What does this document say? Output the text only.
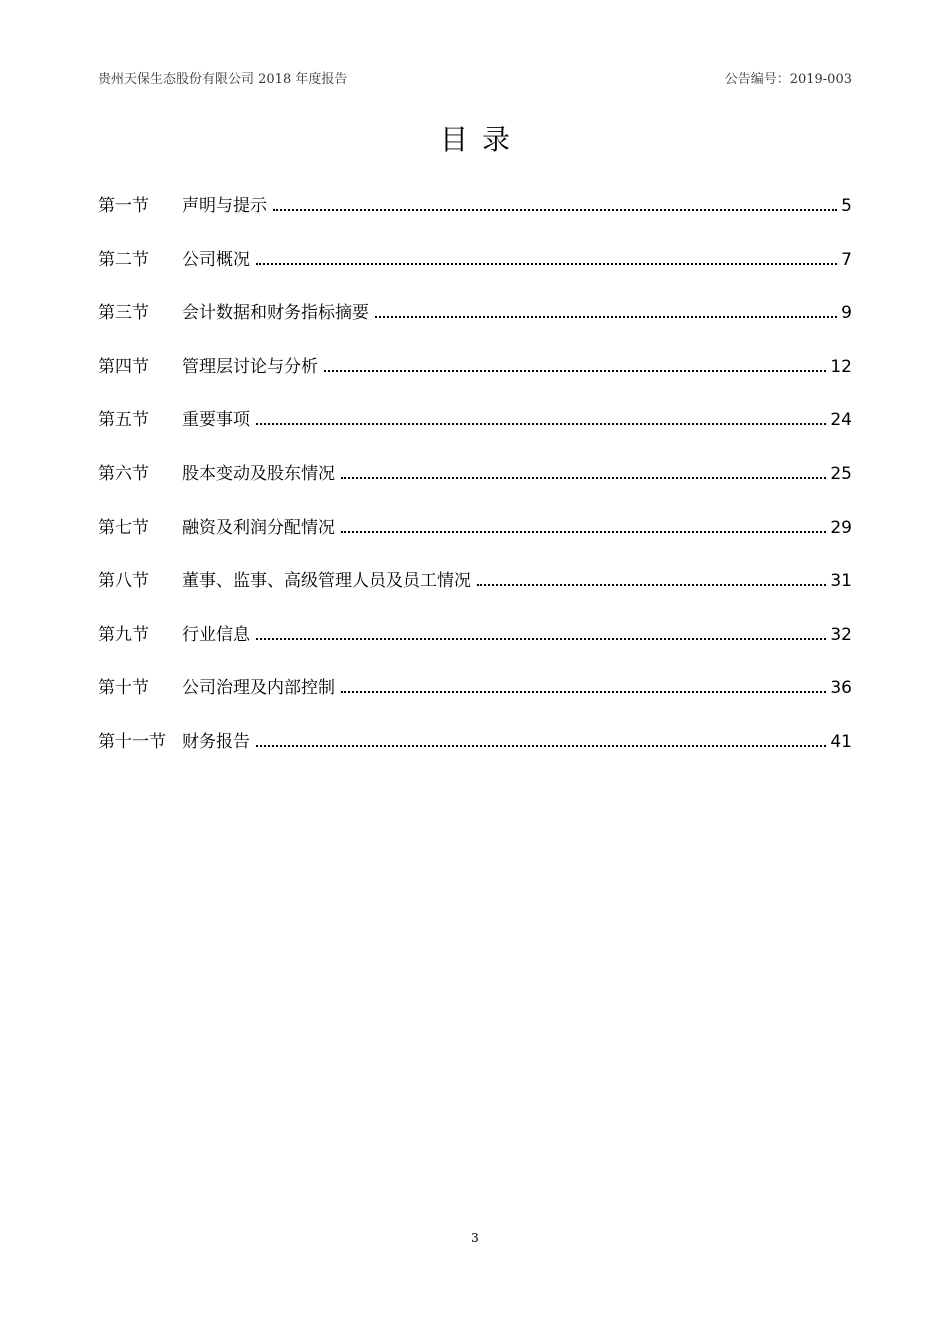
贵州天保生态股份有限公司 2018 年度报告	公告编号：2019-003
目录
第一节	声明与提示	5
第二节	公司概况	7
第三节	会计数据和财务指标摘要	9
第四节	管理层讨论与分析	12
第五节	重要事项	24
第六节	股本变动及股东情况	25
第七节	融资及利润分配情况	29
第八节	董事、监事、高级管理人员及员工情况	31
第九节	行业信息	32
第十节	公司治理及内部控制	36
第十一节 财务报告	41
3
